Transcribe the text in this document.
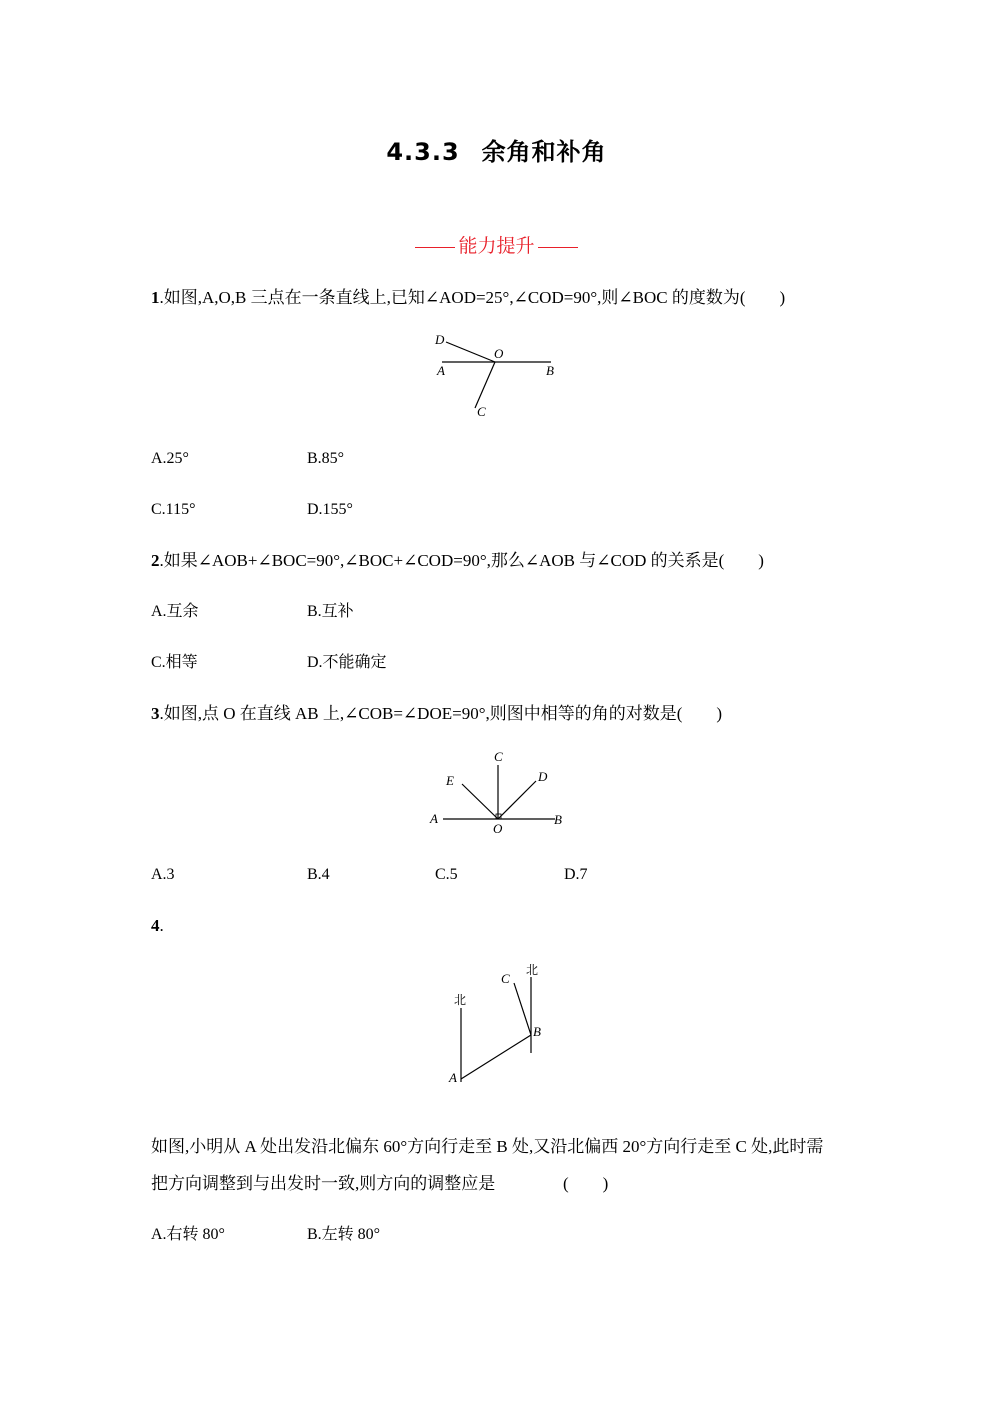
4.3.3 余角和补角
能力提升
1.如图,A,O,B 三点在一条直线上,已知∠AOD=25°,∠COD=90°,则∠BOC 的度数为(　　)
D
O
A	B
C
A.25°	B.85°
C.115°	D.155°
2.如果∠AOB+∠BOC=90°,∠BOC+∠COD=90°,那么∠AOB 与∠COD 的关系是(　　)
A.互余	B.互补
C.相等	D.不能确定
3.如图,点 O 在直线 AB 上,∠COB=∠DOE=90°,则图中相等的角的对数是(　　)
C
E	D
A
O
B
A.3	B.4	C.5	D.7
4.
北
北
C
B
A
如图,小明从 A 处出发沿北偏东 60°方向行走至 B 处,又沿北偏西 20°方向行走至 C 处,此时需
把方向调整到与出发时一致,则方向的调整应是	(　　)
A.右转 80°	B.左转 80°
